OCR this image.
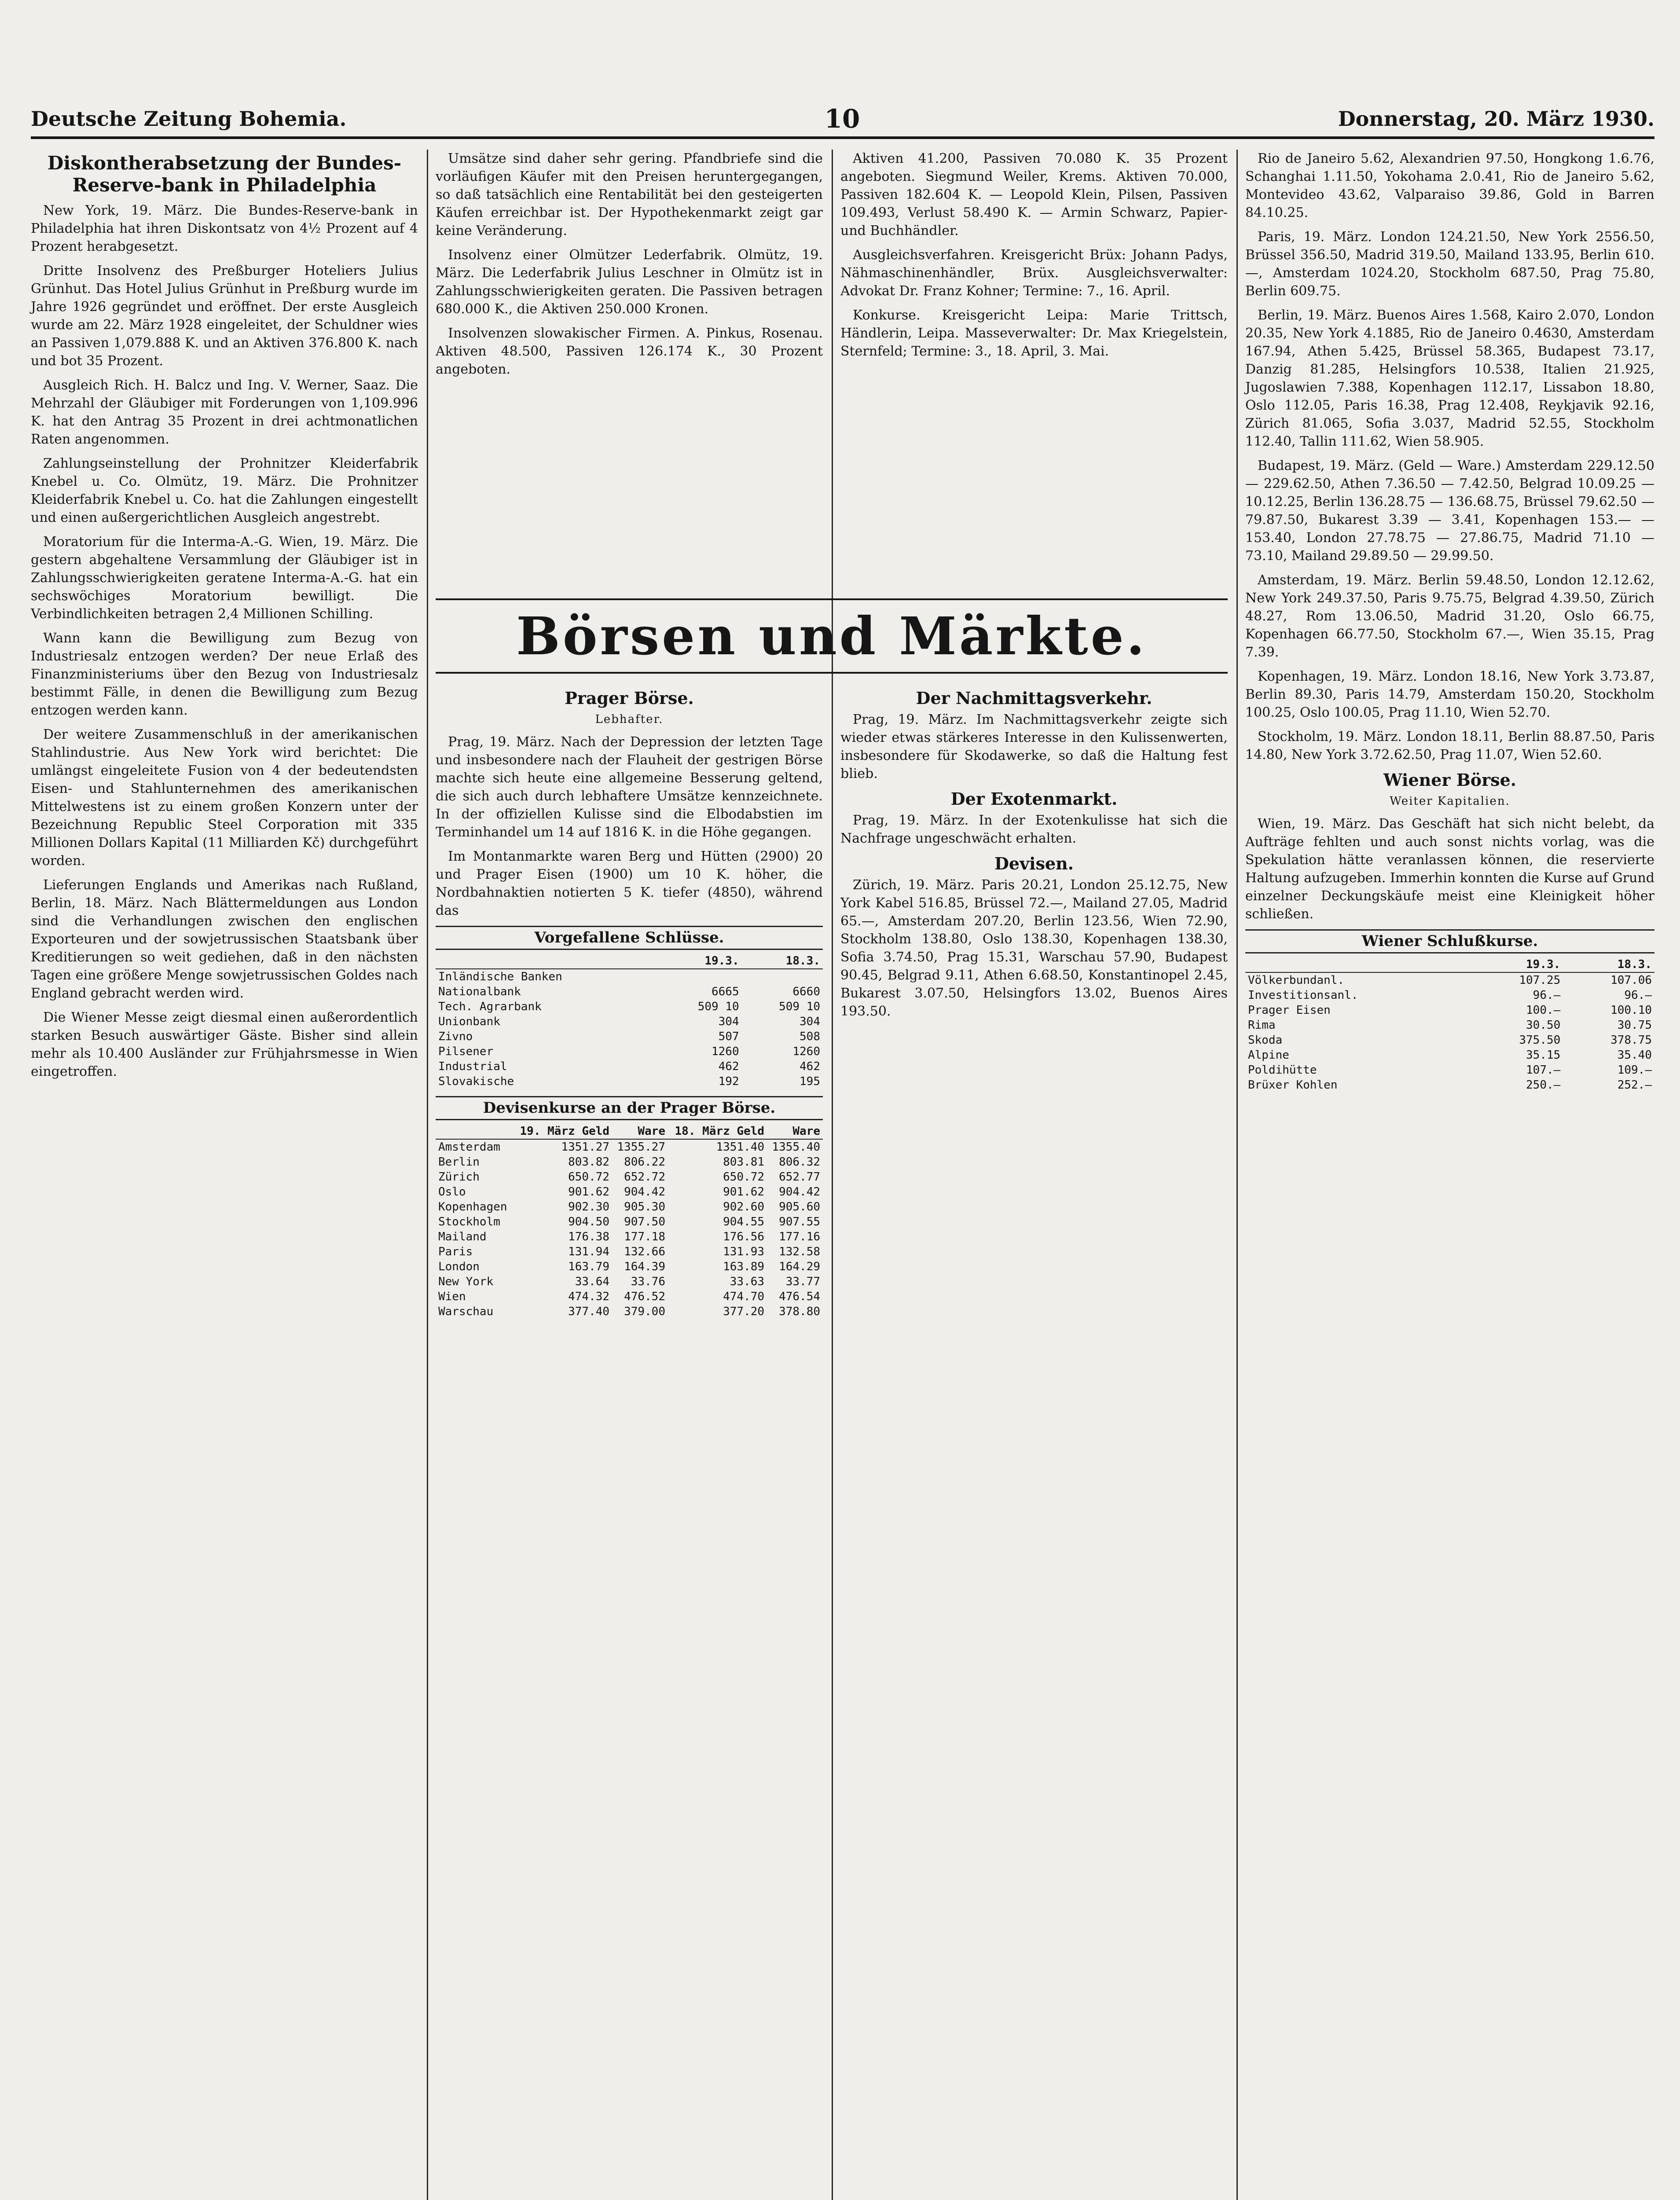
Deutsche Zeitung Bohemia.	10	Donnerstag, 20. März 1930.
Diskontherabsetzung der Bundes-Reserve-bank in Philadelphia

New York, 19. März. Die Bundes-Reserve-bank in Philadelphia hat ihren Diskontsatz von 4½ Prozent auf 4 Prozent herabgesetzt.

Dritte Insolvenz des Preßburger Hoteliers Julius Grünhut. Das Hotel Julius Grünhut in Preßburg wurde im Jahre 1926 gegründet und eröffnet. Der erste Ausgleich wurde am 22. März 1928 eingeleitet, der Schuldner wies an Passiven 1,079.888 K. und an Aktiven 376.800 K. nach und bot 35 Prozent.

Ausgleich Rich. H. Balcz und Ing. V. Werner, Saaz. Die Mehrzahl der Gläubiger mit Forderungen von 1,109.996 K. hat den Antrag 35 Prozent in drei achtmonatlichen Raten angenommen.

Zahlungseinstellung der Prohnitzer Kleiderfabrik Knebel u. Co. Olmütz, 19. März. Die Prohnitzer Kleiderfabrik Knebel u. Co. hat die Zahlungen eingestellt und einen außergerichtlichen Ausgleich angestrebt.

Moratorium für die Interma-A.-G. Wien, 19. März. Die gestern abgehaltene Versammlung der Gläubiger ist in Zahlungsschwierigkeiten geratene Interma-A.-G. hat ein sechswöchiges Moratorium bewilligt. Die Verbindlichkeiten betragen 2,4 Millionen Schilling.

Wann kann die Bewilligung zum Bezug von Industriesalz entzogen werden? Der neue Erlaß des Finanzministeriums über den Bezug von Industriesalz bestimmt Fälle, in denen die Bewilligung zum Bezug entzogen werden kann.

Der weitere Zusammenschluß in der amerikanischen Stahlindustrie. Aus New York wird berichtet: Die umlängst eingeleitete Fusion von 4 der bedeutendsten Eisen- und Stahlunternehmen des amerikanischen Mittelwestens ist zu einem großen Konzern unter der Bezeichnung Republic Steel Corporation mit 335 Millionen Dollars Kapital (11 Milliarden Kč) durchgeführt worden.

Lieferungen Englands und Amerikas nach Rußland, Berlin, 18. März. Nach Blättermeldungen aus London sind die Verhandlungen zwischen den englischen Exporteuren und der sowjetrussischen Staatsbank über Kreditierungen so weit gediehen, daß in den nächsten Tagen eine größere Menge sowjetrussischen Goldes nach England gebracht werden wird.

Die Wiener Messe zeigt diesmal einen außerordentlich starken Besuch auswärtiger Gäste. Bisher sind allein mehr als 10.400 Ausländer zur Frühjahrsmesse in Wien eingetroffen.

Umsätze sind daher sehr gering. Pfandbriefe sind die vorläufigen Käufer mit den Preisen heruntergegangen, so daß tatsächlich eine Rentabilität bei den gesteigerten Käufen erreichbar ist. Der Hypothekenmarkt zeigt gar keine Veränderung.

Insolvenz einer Olmützer Lederfabrik. Olmütz, 19. März. Die Lederfabrik Julius Leschner in Olmütz ist in Zahlungsschwierigkeiten geraten. Die Passiven betragen 680.000 K., die Aktiven 250.000 Kronen.

Insolvenzen slowakischer Firmen. A. Pinkus, Rosenau. Aktiven 48.500, Passiven 126.174 K., 30 Prozent angeboten.

Aktiven 41.200, Passiven 70.080 K. 35 Prozent angeboten. Siegmund Weiler, Krems. Aktiven 70.000, Passiven 182.604 K. — Leopold Klein, Pilsen, Passiven 109.493, Verlust 58.490 K. — Armin Schwarz, Papier- und Buchhändler.

Ausgleichsverfahren. Kreisgericht Brüx: Johann Padys, Nähmaschinenhändler, Brüx. Ausgleichsverwalter: Advokat Dr. Franz Kohner; Termine: 7., 16. April.

Konkurse. Kreisgericht Leipa: Marie Trittsch, Händlerin, Leipa. Masseverwalter: Dr. Max Kriegelstein, Sternfeld; Termine: 3., 18. April, 3. Mai.

Börsen und Märkte.
Prager Börse.
Lebhafter.

Prag, 19. März. Nach der Depression der letzten Tage und insbesondere nach der Flauheit der gestrigen Börse machte sich heute eine allgemeine Besserung geltend, die sich auch durch lebhaftere Umsätze kennzeichnete. In der offiziellen Kulisse sind die Elbodabstien im Terminhandel um 14 auf 1816 K. in die Höhe gegangen.

Im Montanmarkte waren Berg und Hütten (2900) 20 und Prager Eisen (1900) um 10 K. höher, die Nordbahnaktien notierten 5 K. tiefer (4850), während das

Vorgefallene Schlüsse.
	19.3.	18.3.
Inländische Banken		
Nationalbank	6665	6660
Tech. Agrarbank	509 10	509 10
Unionbank	304	304
Zivno	507	508
Pilsener	1260	1260
Industrial	462	462
Slovakische	192	195
Devisenkurse an der Prager Börse.
	19. März Geld	Ware	18. März Geld	Ware
Amsterdam	1351.27	1355.27	1351.40	1355.40
Berlin	803.82	806.22	803.81	806.32
Zürich	650.72	652.72	650.72	652.77
Oslo	901.62	904.42	901.62	904.42
Kopenhagen	902.30	905.30	902.60	905.60
Stockholm	904.50	907.50	904.55	907.55
Mailand	176.38	177.18	176.56	177.16
Paris	131.94	132.66	131.93	132.58
London	163.79	164.39	163.89	164.29
New York	33.64	33.76	33.63	33.77
Wien	474.32	476.52	474.70	476.54
Warschau	377.40	379.00	377.20	378.80
Der Nachmittagsverkehr.

Prag, 19. März. Im Nachmittagsverkehr zeigte sich wieder etwas stärkeres Interesse in den Kulissenwerten, insbesondere für Skodawerke, so daß die Haltung fest blieb.

Der Exotenmarkt.

Prag, 19. März. In der Exotenkulisse hat sich die Nachfrage ungeschwächt erhalten.

Devisen.

Zürich, 19. März. Paris 20.21, London 25.12.75, New York Kabel 516.85, Brüssel 72.—, Mailand 27.05, Madrid 65.—, Amsterdam 207.20, Berlin 123.56, Wien 72.90, Stockholm 138.80, Oslo 138.30, Kopenhagen 138.30, Sofia 3.74.50, Prag 15.31, Warschau 57.90, Budapest 90.45, Belgrad 9.11, Athen 6.68.50, Konstantinopel 2.45, Bukarest 3.07.50, Helsingfors 13.02, Buenos Aires 193.50.

Rio de Janeiro 5.62, Alexandrien 97.50, Hongkong 1.6.76, Schanghai 1.11.50, Yokohama 2.0.41, Rio de Janeiro 5.62, Montevideo 43.62, Valparaiso 39.86, Gold in Barren 84.10.25.

Paris, 19. März. London 124.21.50, New York 2556.50, Brüssel 356.50, Madrid 319.50, Mailand 133.95, Berlin 610.—, Amsterdam 1024.20, Stockholm 687.50, Prag 75.80, Berlin 609.75.

Berlin, 19. März. Buenos Aires 1.568, Kairo 2.070, London 20.35, New York 4.1885, Rio de Janeiro 0.4630, Amsterdam 167.94, Athen 5.425, Brüssel 58.365, Budapest 73.17, Danzig 81.285, Helsingfors 10.538, Italien 21.925, Jugoslawien 7.388, Kopenhagen 112.17, Lissabon 18.80, Oslo 112.05, Paris 16.38, Prag 12.408, Reykjavik 92.16, Zürich 81.065, Sofia 3.037, Madrid 52.55, Stockholm 112.40, Tallin 111.62, Wien 58.905.

Budapest, 19. März. (Geld — Ware.) Amsterdam 229.12.50 — 229.62.50, Athen 7.36.50 — 7.42.50, Belgrad 10.09.25 — 10.12.25, Berlin 136.28.75 — 136.68.75, Brüssel 79.62.50 — 79.87.50, Bukarest 3.39 — 3.41, Kopenhagen 153.— — 153.40, London 27.78.75 — 27.86.75, Madrid 71.10 — 73.10, Mailand 29.89.50 — 29.99.50.

Amsterdam, 19. März. Berlin 59.48.50, London 12.12.62, New York 249.37.50, Paris 9.75.75, Belgrad 4.39.50, Zürich 48.27, Rom 13.06.50, Madrid 31.20, Oslo 66.75, Kopenhagen 66.77.50, Stockholm 67.—, Wien 35.15, Prag 7.39.

Kopenhagen, 19. März. London 18.16, New York 3.73.87, Berlin 89.30, Paris 14.79, Amsterdam 150.20, Stockholm 100.25, Oslo 100.05, Prag 11.10, Wien 52.70.

Stockholm, 19. März. London 18.11, Berlin 88.87.50, Paris 14.80, New York 3.72.62.50, Prag 11.07, Wien 52.60.

Wiener Börse.
Weiter Kapitalien.

Wien, 19. März. Das Geschäft hat sich nicht belebt, da Aufträge fehlten und auch sonst nichts vorlag, was die Spekulation hätte veranlassen können, die reservierte Haltung aufzugeben. Immerhin konnten die Kurse auf Grund einzelner Deckungskäufe meist eine Kleinigkeit höher schließen.

Wiener Schlußkurse.
	19.3.	18.3.
Völkerbundanl.	107.25	107.06
Investitionsanl.	96.—	96.—
Prager Eisen	100.—	100.10
Rima	30.50	30.75
Skoda	375.50	378.75
Alpine	35.15	35.40
Poldihütte	107.—	109.—
Brüxer Kohlen	250.—	252.—
